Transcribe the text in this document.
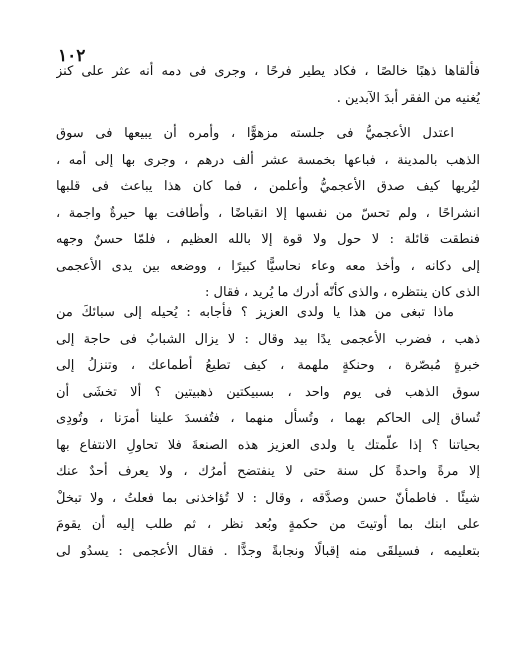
١٠٢
فألقاها ذهبًا خالصًا ، فكاد يطير فرحًا ، وجرى فى دمه أنه عثر على كنز
يُغنيه من الفقر أبدَ الآبدين .
اعتدل الأعجميُّ فى جلسته مزهوًّا ، وأمره أن يبيعها فى سوق
الذهب بالمدينة ، فباعها بخمسة عشر ألف درهم ، وجرى بها إلى أمه ،
ليُريها كيف صدق الأعجميُّ وأعلمن ، فما كان هذا يباعث فى قلبها
انشراحًا ، ولم تحسّ من نفسها إلا انقباضًا ، وأطافت بها حيرةٌ واجمة ،
فنطقت قائلة : لا حول ولا قوة إلا بالله العظيم ، فلمّا حسنٌ وجهه
إلى دكانه ، وأخذ معه وعاء نحاسيًّا كبيرًا ، ووضعه بين يدى الأعجمى
الذى كان ينتظره ، والذى كأنّه أدرك ما يُريد ، فقال :
ماذا تبغى من هذا يا ولدى العزيز ؟ فأجابه : يُحيله إلى سبائكَ من
ذهب ، فضرب الأعجمى يدًا بيد وقال : لا يزال الشبابُ فى حاجة إلى
خبرةٍ مُبصّرة ، وحنكةٍ ملهمة ، كيف تطيعُ أطماعك ، وتنزلُ إلى
سوق الذهب فى يوم واحد ، بسبيكتين ذهبيتين ؟ ألا تخشَى أن
تُساق إلى الحاكم بهما ، وتُسأل منهما ، فتُفسدَ علينا أمرَنا ، وتُودِى
بحياتنا ؟ إذا علّمتك يا ولدى العزيز هذه الصنعةَ فلا تحاولِ الانتفاع بها
إلا مرةً واحدةً كل سنة حتى لا ينفتضح أمرُك ، ولا يعرف أحدٌ عنك
شيئًا . فاطمأنّ حسن وصدَّقه ، وقال : لا تُؤاخذنى بما فعلتُ ، ولا تبخلْ
على ابنك بما أوتيتَ من حكمةٍ وبُعد نظر ، ثم طلب إليه أن يقومَ
بتعليمه ، فسيلقَى منه إقبالًا ونجابةً وجدًّا . فقال الأعجمى : يسدُو لى
